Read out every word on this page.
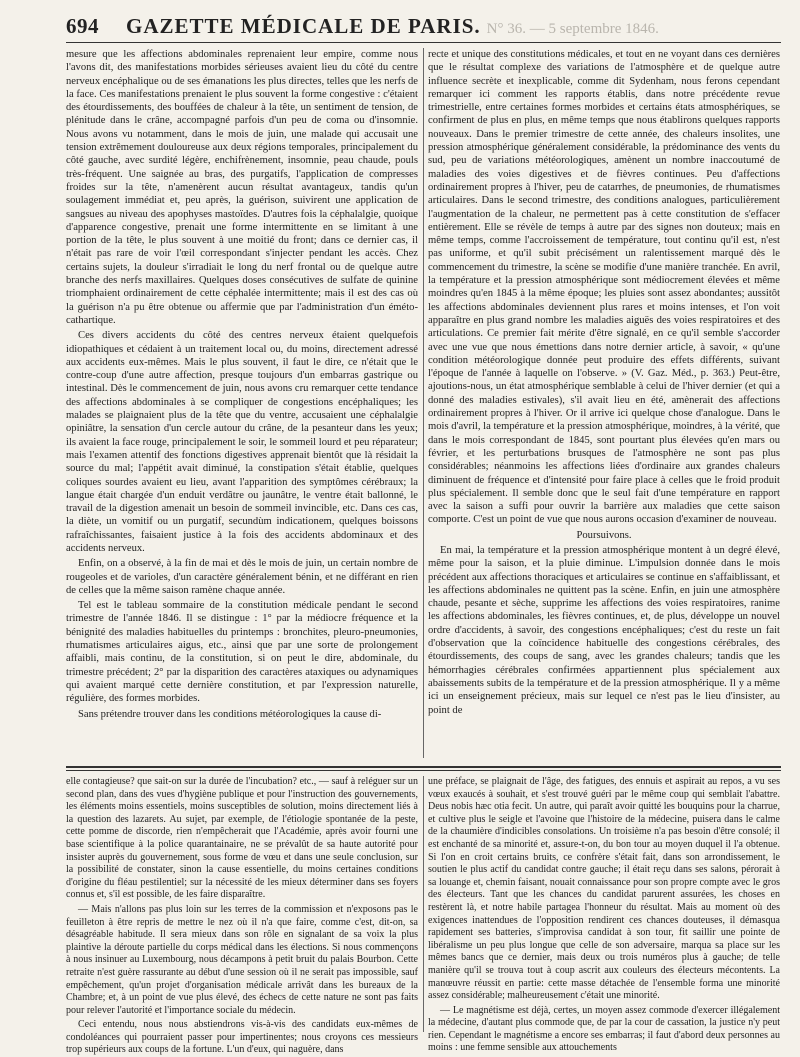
694	GAZETTE MÉDICALE DE PARIS. N° 36. — 5 septembre 1846.

mesure que les affections abdominales reprenaient leur empire, comme nous l'avons dit, des manifestations morbides sérieuses avaient lieu du côté du centre nerveux encéphalique ou de ses émanations les plus directes, telles que les nerfs de la face. Ces manifestations prenaient le plus souvent la forme congestive : c'étaient des étourdissements, des bouffées de chaleur à la tête, un sentiment de tension, de plénitude dans le crâne, accompagné parfois d'un peu de coma ou d'insomnie. Nous avons vu notamment, dans le mois de juin, une malade qui accusait une tension extrêmement douloureuse aux deux régions temporales, principalement du côté gauche, avec surdité légère, enchifrènement, insomnie, peau chaude, pouls très-fréquent. Une saignée au bras, des purgatifs, l'application de compresses froides sur la tête, n'amenèrent aucun résultat avantageux, tandis qu'un soulagement immédiat et, peu après, la guérison, suivirent une application de sangsues au niveau des apophyses mastoïdes. D'autres fois la céphalalgie, quoique d'apparence congestive, prenait une forme intermittente en se limitant à une portion de la tête, le plus souvent à une moitié du front; dans ce dernier cas, il n'était pas rare de voir l'œil correspondant s'injecter pendant les accès. Chez certains sujets, la douleur s'irradiait le long du nerf frontal ou de quelque autre branche des nerfs maxillaires. Quelques doses consécutives de sulfate de quinine triomphaient ordinairement de cette céphalée intermittente; mais il est des cas où la guérison n'a pu être obtenue ou affermie que par l'administration d'un éméto-cathartique.

Ces divers accidents du côté des centres nerveux étaient quelquefois idiopathiques et cédaient à un traitement local ou, du moins, directement adressé aux accidents eux-mêmes. Mais le plus souvent, il faut le dire, ce n'était que le contre-coup d'une autre affection, presque toujours d'un embarras gastrique ou intestinal. Dès le commencement de juin, nous avons cru remarquer cette tendance des affections abdominales à se compliquer de congestions encéphaliques; les malades se plaignaient plus de la tête que du ventre, accusaient une céphalalgie opiniâtre, la sensation d'un cercle autour du crâne, de la pesanteur dans les yeux; ils avaient la face rouge, principalement le soir, le sommeil lourd et peu réparateur; mais l'examen attentif des fonctions digestives apprenait bientôt que là résidait la source du mal; l'appétit avait diminué, la constipation s'était établie, quelques coliques sourdes avaient eu lieu, avant l'apparition des symptômes cérébraux; la langue était chargée d'un enduit verdâtre ou jaunâtre, le ventre était ballonné, le travail de la digestion amenait un besoin de sommeil invincible, etc. Dans ces cas, la diète, un vomitif ou un purgatif, secundùm indicationem, quelques boissons rafraîchissantes, faisaient justice à la fois des accidents abdominaux et des accidents nerveux.

Enfin, on a observé, à la fin de mai et dès le mois de juin, un certain nombre de rougeoles et de varioles, d'un caractère généralement bénin, et ne différant en rien de celles que la même saison ramène chaque année.

Tel est le tableau sommaire de la constitution médicale pendant le second trimestre de l'année 1846. Il se distingue : 1° par la médiocre fréquence et la bénignité des maladies habituelles du printemps : bronchites, pleuro-pneumonies, rhumatismes articulaires aigus, etc., ainsi que par une sorte de prolongement affaibli, mais continu, de la constitution, si on peut le dire, abdominale, du trimestre précédent; 2° par la disparition des caractères ataxiques ou adynamiques qui avaient marqué cette dernière constitution, et par l'expression naturelle, régulière, des formes morbides.

Sans prétendre trouver dans les conditions météorologiques la cause di-

recte et unique des constitutions médicales, et tout en ne voyant dans ces dernières que le résultat complexe des variations de l'atmosphère et de quelque autre influence secrète et inexplicable, comme dit Sydenham, nous ferons cependant remarquer ici comment les rapports établis, dans notre précédente revue trimestrielle, entre certaines formes morbides et certains états atmosphériques, se confirment de plus en plus, en même temps que nous établirons quelques rapports nouveaux. Dans le premier trimestre de cette année, des chaleurs insolites, une pression atmosphérique généralement considérable, la prédominance des vents du sud, peu de variations météorologiques, amènent un nombre inaccoutumé de maladies des voies digestives et de fièvres continues. Peu d'affections ordinairement propres à l'hiver, peu de catarrhes, de pneumonies, de rhumatismes articulaires. Dans le second trimestre, des conditions analogues, particulièrement l'augmentation de la chaleur, ne permettent pas à cette constitution de s'effacer entièrement. Elle se révèle de temps à autre par des signes non douteux; mais en même temps, comme l'accroissement de température, tout continu qu'il est, n'est pas uniforme, et qu'il subit précisément un ralentissement marqué dès le commencement du trimestre, la scène se modifie d'une manière tranchée. En avril, la température et la pression atmosphérique sont médiocrement élevées et même moindres qu'en 1845 à la même époque; les pluies sont assez abondantes; aussitôt les affections abdominales deviennent plus rares et moins intenses, et l'on voit apparaître en plus grand nombre les maladies aiguës des voies respiratoires et des articulations. Ce premier fait mérite d'être signalé, en ce qu'il semble s'accorder avec une vue que nous émettions dans notre dernier article, à savoir, « qu'une condition météorologique donnée peut produire des effets différents, suivant l'époque de l'année à laquelle on l'observe. » (V. Gaz. Méd., p. 363.) Peut-être, ajoutions-nous, un état atmosphérique semblable à celui de l'hiver dernier (et qui a donné des maladies estivales), s'il avait lieu en été, amènerait des affections ordinairement propres à l'hiver. Or il arrive ici quelque chose d'analogue. Dans le mois d'avril, la température et la pression atmosphérique, moindres, à la vérité, que dans le mois correspondant de 1845, sont pourtant plus élevées qu'en mars ou février, et les perturbations brusques de l'atmosphère ne sont pas plus considérables; néanmoins les affections liées d'ordinaire aux grandes chaleurs diminuent de fréquence et d'intensité pour faire place à celles que le froid produit plus spécialement. Il semble donc que le seul fait d'une température en rapport avec la saison a suffi pour ouvrir la barrière aux maladies que cette saison comporte. C'est un point de vue que nous aurons occasion d'examiner de nouveau.

Poursuivons.

En mai, la température et la pression atmosphérique montent à un degré élevé, même pour la saison, et la pluie diminue. L'impulsion donnée dans le mois précédent aux affections thoraciques et articulaires se continue en s'affaiblissant, et les affections abdominales ne quittent pas la scène. Enfin, en juin une atmosphère chaude, pesante et sèche, supprime les affections des voies respiratoires, ranime les affections abdominales, les fièvres continues, et, de plus, développe un nouvel ordre d'accidents, à savoir, des congestions encéphaliques; c'est du reste un fait d'observation que la coïncidence habituelle des congestions cérébrales, des étourdissements, des coups de sang, avec les grandes chaleurs; tandis que les hémorrhagies cérébrales confirmées appartiennent plus spécialement aux abaissements subits de la température et de la pression atmosphérique. Il y a même ici un enseignement précieux, mais sur lequel ce n'est pas le lieu d'insister, au point de

elle contagieuse? que sait-on sur la durée de l'incubation? etc., — sauf à reléguer sur un second plan, dans des vues d'hygiène publique et pour l'instruction des gouvernements, les éléments moins essentiels, moins susceptibles de solution, moins directement liés à la question des lazarets. Au sujet, par exemple, de l'étiologie spontanée de la peste, cette pomme de discorde, rien n'empêcherait que l'Académie, après avoir fourni une base scientifique à la police quarantainaire, ne se prévalût de sa haute autorité pour insister auprès du gouvernement, sous forme de vœu et dans une seule conclusion, sur la possibilité de constater, sinon la cause essentielle, du moins certaines conditions d'origine du fléau pestilentiel; sur la nécessité de les mieux déterminer dans ses foyers connus et, s'il est possible, de les faire disparaître.

— Mais n'allons pas plus loin sur les terres de la commission et n'exposons pas le feuilleton à être repris de mettre le nez où il n'a que faire, comme c'est, dit-on, sa désagréable habitude. Il sera mieux dans son rôle en signalant de sa voix la plus plaintive la déroute partielle du corps médical dans les élections. Si nous commençons à nous insinuer au Luxembourg, nous décampons à petit bruit du palais Bourbon. Cette retraite n'est guère rassurante au début d'une session où il ne serait pas impossible, sauf empêchement, qu'un projet d'organisation médicale arrivât dans les bureaux de la Chambre; et, à un point de vue plus élevé, des échecs de cette nature ne sont pas faits pour relever l'autorité et l'importance sociale du médecin.

Ceci entendu, nous nous abstiendrons vis-à-vis des candidats eux-mêmes de condoléances qui pourraient passer pour impertinentes; nous croyons ces messieurs trop supérieurs aux coups de la fortune. L'un d'eux, qui naguère, dans

une préface, se plaignait de l'âge, des fatigues, des ennuis et aspirait au repos, a vu ses vœux exaucés à souhait, et s'est trouvé guéri par le même coup qui semblait l'abattre. Deus nobis hæc otia fecit. Un autre, qui paraît avoir quitté les bouquins pour la charrue, et cultive plus le seigle et l'avoine que l'histoire de la médecine, puisera dans le calme de la chaumière d'indicibles consolations. Un troisième n'a pas besoin d'être consolé; il est enchanté de sa minorité et, assure-t-on, du bon tour au moyen duquel il l'a obtenue. Si l'on en croit certains bruits, ce confrère s'était fait, dans son arrondissement, le soutien le plus actif du candidat contre gauche; il était reçu dans ses salons, pérorait à sa louange et, chemin faisant, nouait connaissance pour son propre compte avec le gros des électeurs. Tant que les chances du candidat parurent assurées, les choses en restèrent là, et notre habile partagea l'honneur du résultat. Mais au moment où des exigences inattendues de l'opposition rendirent ces chances douteuses, il démasqua rapidement ses batteries, s'improvisa candidat à son tour, fit saillir une pointe de libéralisme un peu plus longue que celle de son adversaire, marqua sa place sur les mêmes bancs que ce dernier, mais deux ou trois numéros plus à gauche; de telle manière qu'il se trouva tout à coup ascrit aux couleurs des électeurs mécontents. La manœuvre réussit en partie: cette masse détachée de l'ensemble forma une minorité assez considérable; malheureusement c'était une minorité.

— Le magnétisme est déjà, certes, un moyen assez commode d'exercer illégalement la médecine, d'autant plus commode que, de par la cour de cassation, la justice n'y peut rien. Cependant le magnétisme a encore ses embarras; il faut d'abord deux personnes au moins : une femme sensible aux attouchements
